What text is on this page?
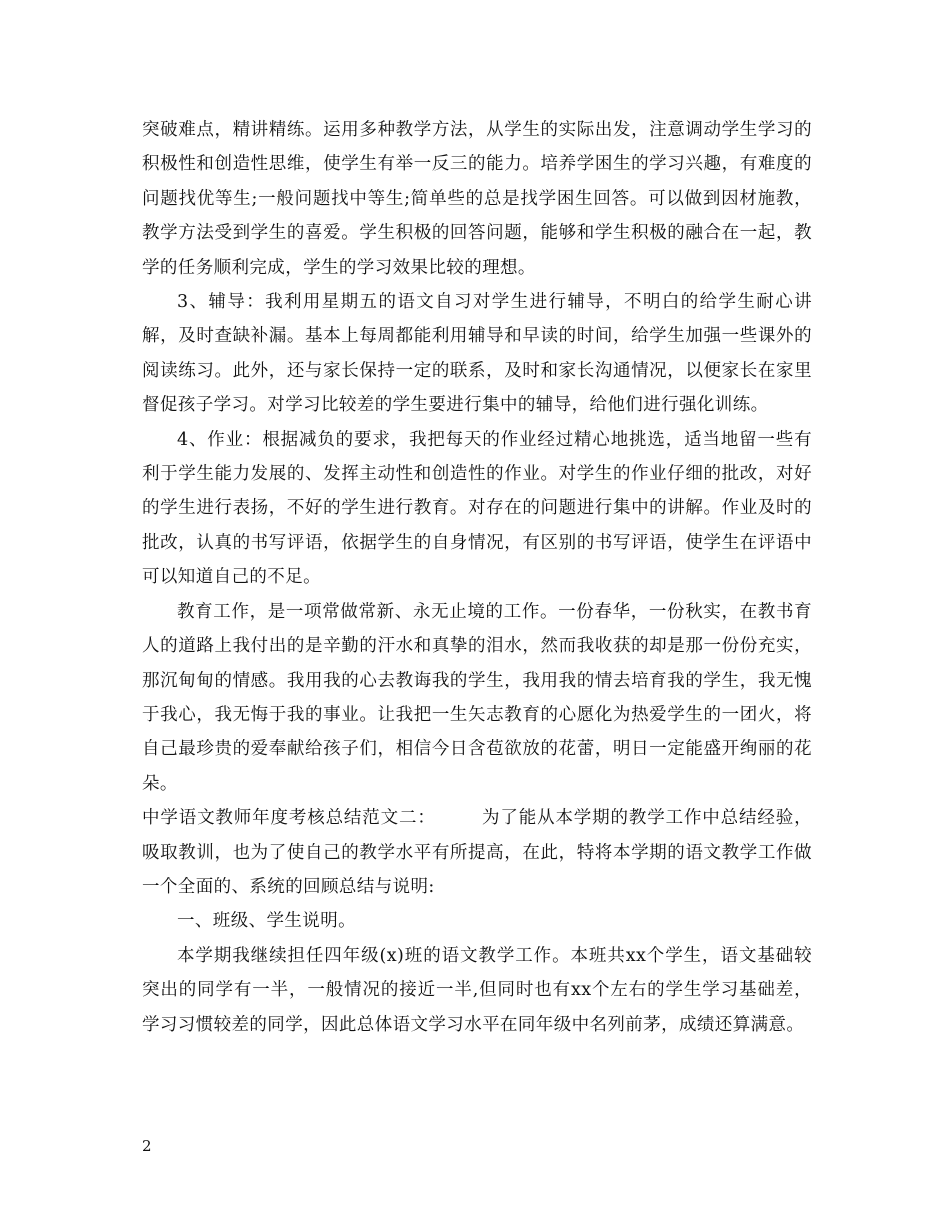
突破难点，精讲精练。运用多种教学方法，从学生的实际出发，注意调动学生学习的积极性和创造性思维，使学生有举一反三的能力。培养学困生的学习兴趣，有难度的问题找优等生;一般问题找中等生;简单些的总是找学困生回答。可以做到因材施教，教学方法受到学生的喜爱。学生积极的回答问题，能够和学生积极的融合在一起，教学的任务顺利完成，学生的学习效果比较的理想。

3、辅导：我利用星期五的语文自习对学生进行辅导，不明白的给学生耐心讲解，及时查缺补漏。基本上每周都能利用辅导和早读的时间，给学生加强一些课外的阅读练习。此外，还与家长保持一定的联系，及时和家长沟通情况，以便家长在家里督促孩子学习。对学习比较差的学生要进行集中的辅导，给他们进行强化训练。

4、作业：根据减负的要求，我把每天的作业经过精心地挑选，适当地留一些有利于学生能力发展的、发挥主动性和创造性的作业。对学生的作业仔细的批改，对好的学生进行表扬，不好的学生进行教育。对存在的问题进行集中的讲解。作业及时的批改，认真的书写评语，依据学生的自身情况，有区别的书写评语，使学生在评语中可以知道自己的不足。

教育工作，是一项常做常新、永无止境的工作。一份春华，一份秋实，在教书育人的道路上我付出的是辛勤的汗水和真挚的泪水，然而我收获的却是那一份份充实，那沉甸甸的情感。我用我的心去教诲我的学生，我用我的情去培育我的学生，我无愧于我心，我无悔于我的事业。让我把一生矢志教育的心愿化为热爱学生的一团火，将自己最珍贵的爱奉献给孩子们，相信今日含苞欲放的花蕾，明日一定能盛开绚丽的花朵。

中学语文教师年度考核总结范文二：　　　为了能从本学期的教学工作中总结经验，吸取教训，也为了使自己的教学水平有所提高，在此，特将本学期的语文教学工作做一个全面的、系统的回顾总结与说明:

一、班级、学生说明。

本学期我继续担任四年级(x)班的语文教学工作。本班共xx个学生，语文基础较突出的同学有一半，一般情况的接近一半,但同时也有xx个左右的学生学习基础差，学习习惯较差的同学，因此总体语文学习水平在同年级中名列前茅，成绩还算满意。

2
